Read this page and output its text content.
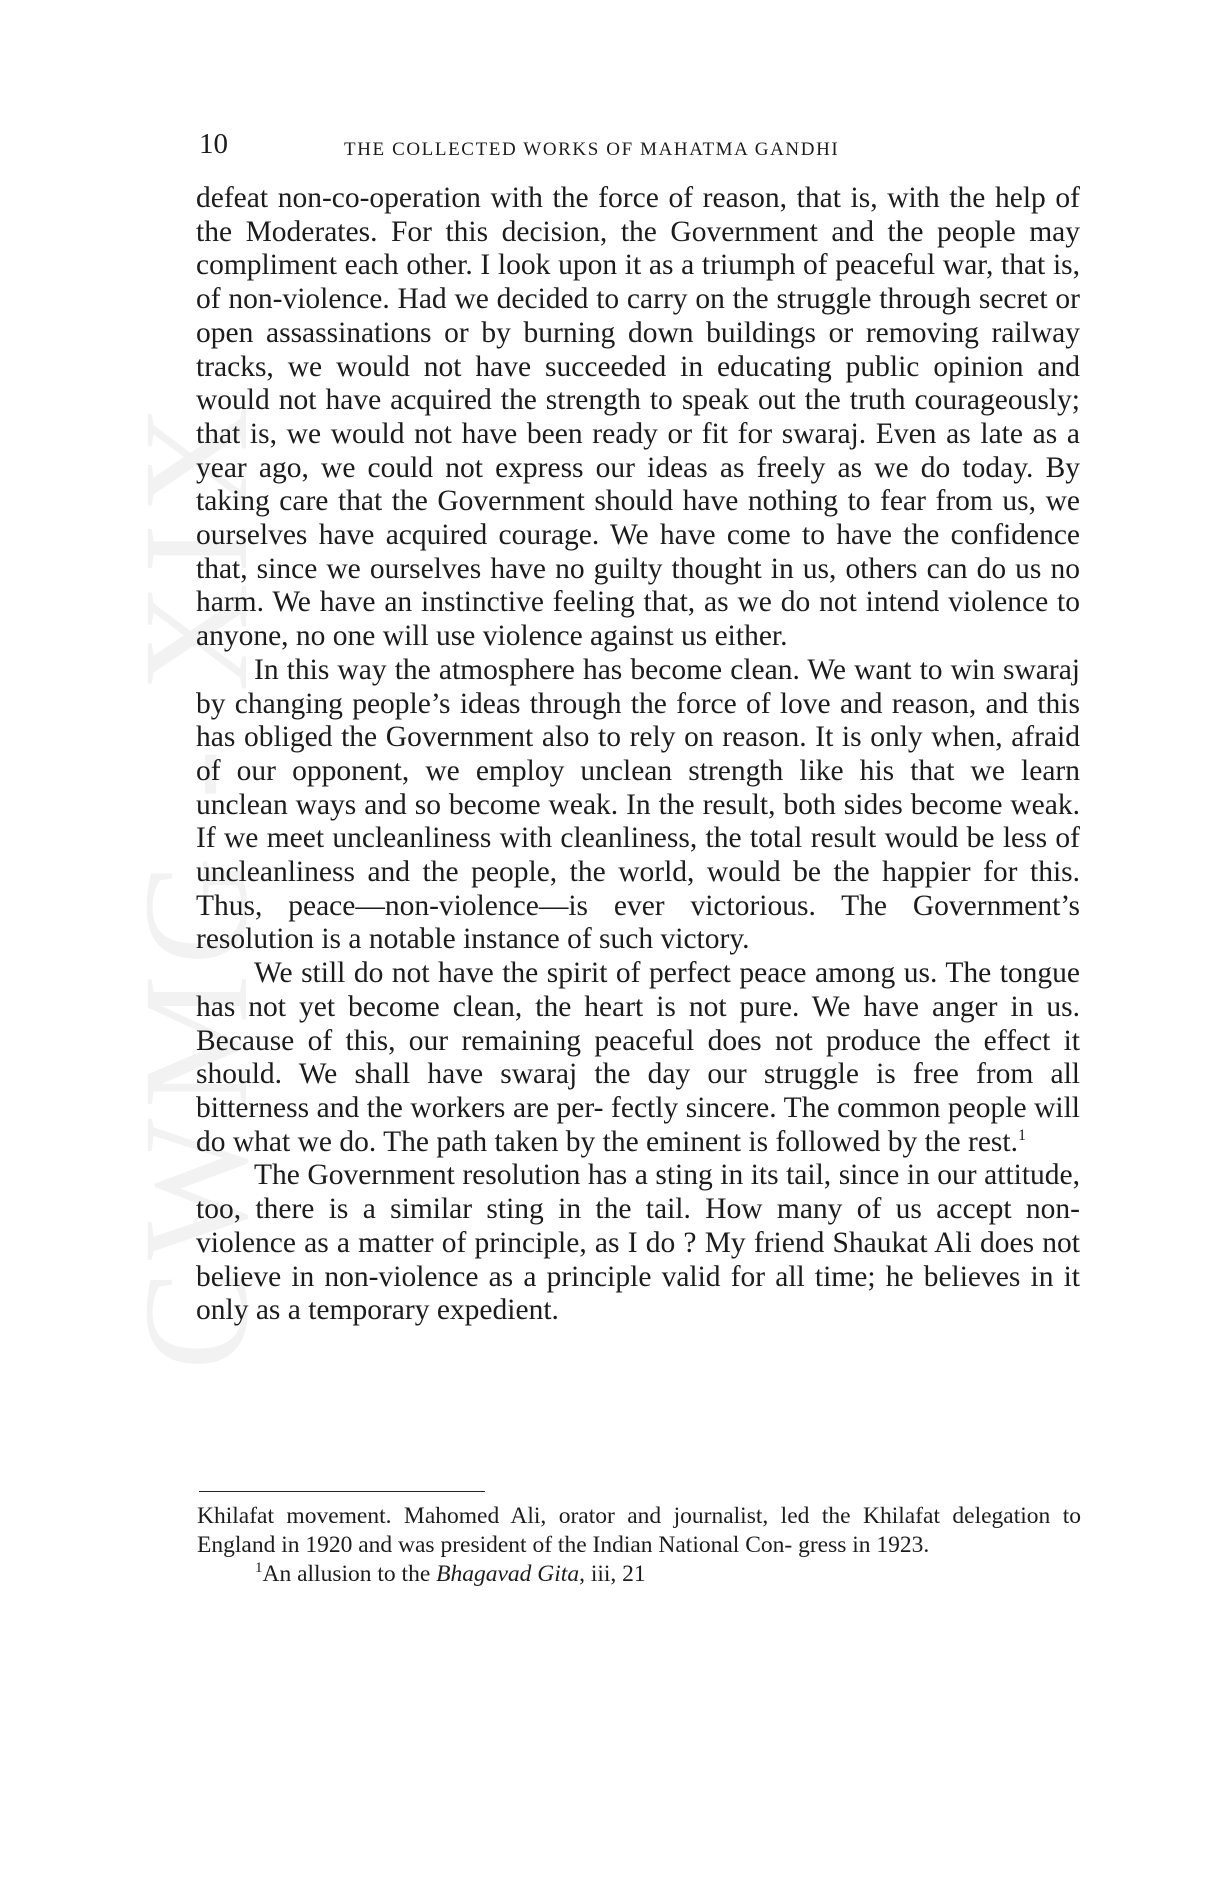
CWMG - XIX
10	THE COLLECTED WORKS OF MAHATMA GANDHI

defeat non-co-operation with the force of reason, that is, with the help of the Moderates. For this decision, the Government and the people may compliment each other. I look upon it as a triumph of peaceful war, that is, of non-violence. Had we decided to carry on the struggle through secret or open assassinations or by burning down buildings or removing railway tracks, we would not have succeeded in educating public opinion and would not have acquired the strength to speak out the truth courageously; that is, we would not have been ready or fit for swaraj. Even as late as a year ago, we could not express our ideas as freely as we do today. By taking care that the Government should have nothing to fear from us, we ourselves have acquired courage. We have come to have the confidence that, since we ourselves have no guilty thought in us, others can do us no harm. We have an instinctive feeling that, as we do not intend violence to anyone, no one will use violence against us either.

In this way the atmosphere has become clean. We want to win swaraj by changing people’s ideas through the force of love and reason, and this has obliged the Government also to rely on reason. It is only when, afraid of our opponent, we employ unclean strength like his that we learn unclean ways and so become weak. In the result, both sides become weak. If we meet uncleanliness with cleanliness, the total result would be less of uncleanliness and the people, the world, would be the happier for this. Thus, peace—non-violence—is ever victorious. The Government’s resolution is a notable instance of such victory.

We still do not have the spirit of perfect peace among us. The tongue has not yet become clean, the heart is not pure. We have anger in us. Because of this, our remaining peaceful does not produce the effect it should. We shall have swaraj the day our struggle is free from all bitterness and the workers are per- fectly sincere. The common people will do what we do. The path taken by the eminent is followed by the rest.$^1$

The Government resolution has a sting in its tail, since in our attitude, too, there is a similar sting in the tail. How many of us accept non-violence as a matter of principle, as I do ? My friend Shaukat Ali does not believe in non-violence as a principle valid for all time; he believes in it only as a temporary expedient.

Khilafat movement. Mahomed Ali, orator and journalist, led the Khilafat delegation to England in 1920 and was president of the Indian National Con- gress in 1923.

$^1$An allusion to the Bhagavad Gita, iii, 21
